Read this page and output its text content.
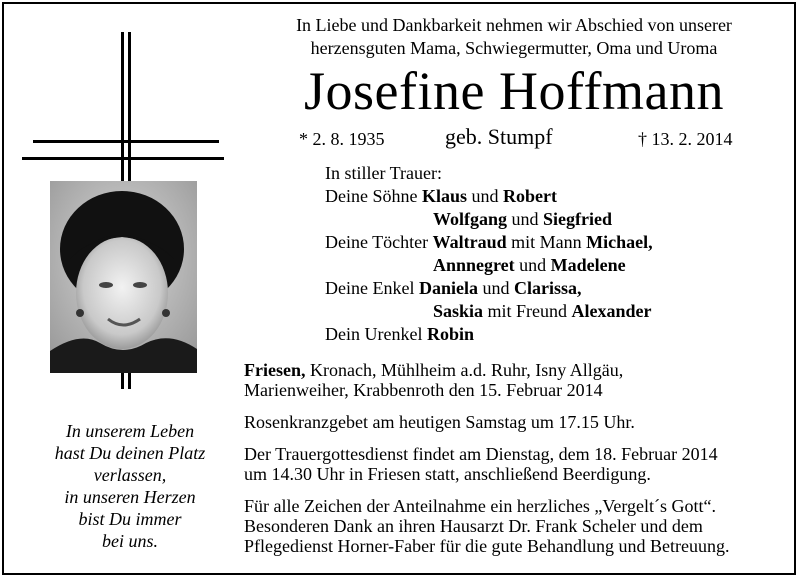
In unserem Leben
hast Du deinen Platz
verlassen,
in unseren Herzen
bist Du immer
bei uns.
In Liebe und Dankbarkeit nehmen wir Abschied von unserer
herzensguten Mama, Schwiegermutter, Oma und Uroma
Josefine Hoffmann
* 2. 8. 1935	geb. Stumpf	† 13. 2. 2014
In stiller Trauer:
Deine Söhne Klaus und Robert
Wolfgang und Siegfried
Deine Töchter Waltraud mit Mann Michael,
Annnegret und Madelene
Deine Enkel Daniela und Clarissa,
Saskia mit Freund Alexander
Dein Urenkel Robin
Friesen, Kronach, Mühlheim a.d. Ruhr, Isny Allgäu,
Marienweiher, Krabbenroth den 15. Februar 2014
Rosenkranzgebet am heutigen Samstag um 17.15 Uhr.
Der Trauergottesdienst findet am Dienstag, dem 18. Februar 2014
um 14.30 Uhr in Friesen statt, anschließend Beerdigung.
Für alle Zeichen der Anteilnahme ein herzliches „Vergelt´s Gott“.
Besonderen Dank an ihren Hausarzt Dr. Frank Scheler und dem
Pflegedienst Horner-Faber für die gute Behandlung und Betreuung.
